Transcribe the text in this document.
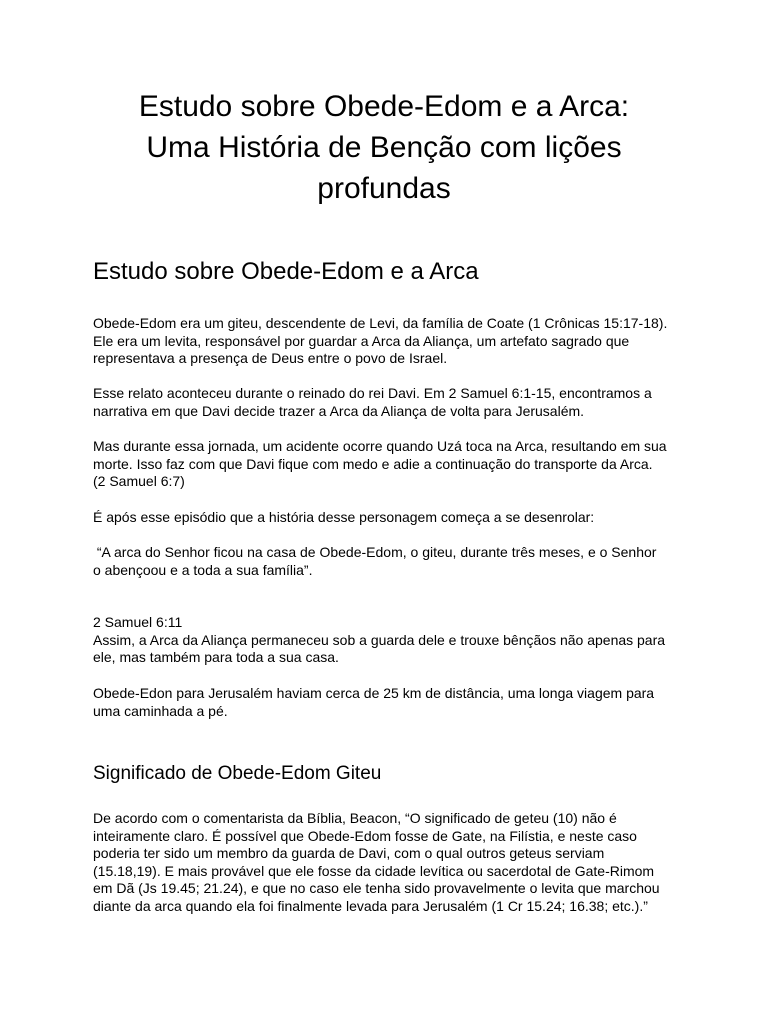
Estudo sobre Obede-Edom e a Arca:
Uma História de Benção com lições
profundas
Estudo sobre Obede-Edom e a Arca

Obede-Edom era um giteu, descendente de Levi, da família de Coate (1 Crônicas 15:17-18).
Ele era um levita, responsável por guardar a Arca da Aliança, um artefato sagrado que
representava a presença de Deus entre o povo de Israel.

Esse relato aconteceu durante o reinado do rei Davi. Em 2 Samuel 6:1-15, encontramos a
narrativa em que Davi decide trazer a Arca da Aliança de volta para Jerusalém.

Mas durante essa jornada, um acidente ocorre quando Uzá toca na Arca, resultando em sua
morte. Isso faz com que Davi fique com medo e adie a continuação do transporte da Arca.
(2 Samuel 6:7)

É após esse episódio que a história desse personagem começa a se desenrolar:

“A arca do Senhor ficou na casa de Obede-Edom, o giteu, durante três meses, e o Senhor
o abençoou e a toda a sua família”.

2 Samuel 6:11
Assim, a Arca da Aliança permaneceu sob a guarda dele e trouxe bênçãos não apenas para
ele, mas também para toda a sua casa.

Obede-Edon para Jerusalém haviam cerca de 25 km de distância, uma longa viagem para
uma caminhada a pé.

Significado de Obede-Edom Giteu

De acordo com o comentarista da Bíblia, Beacon, “O significado de geteu (10) não é
inteiramente claro. É possível que Obede-Edom fosse de Gate, na Filístia, e neste caso
poderia ter sido um membro da guarda de Davi, com o qual outros geteus serviam
(15.18,19). E mais provável que ele fosse da cidade levítica ou sacerdotal de Gate-Rimom
em Dã (Js 19.45; 21.24), e que no caso ele tenha sido provavelmente o levita que marchou
diante da arca quando ela foi finalmente levada para Jerusalém (1 Cr 15.24; 16.38; etc.).”
